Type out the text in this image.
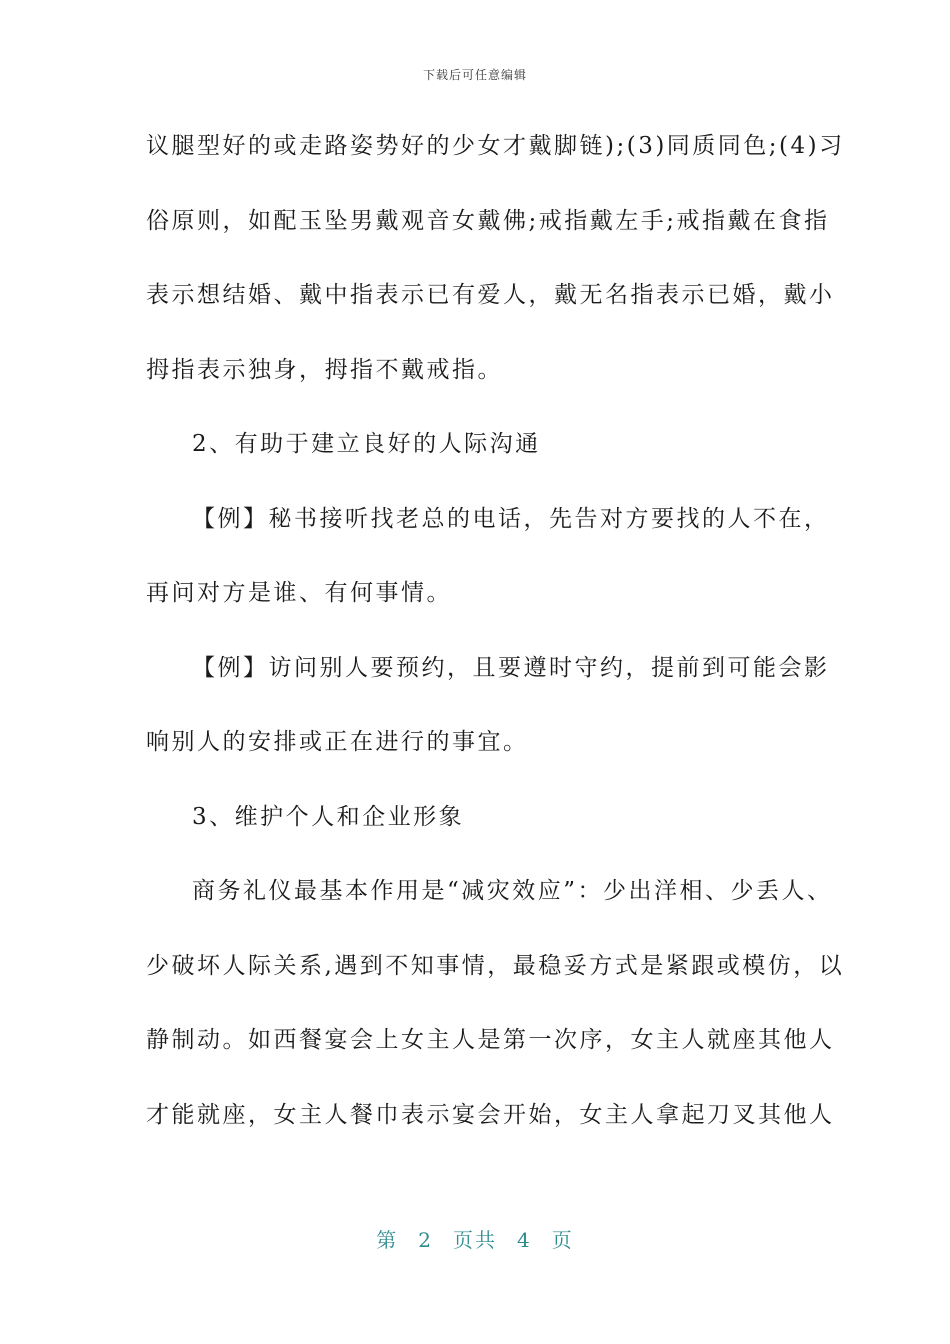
下载后可任意编辑
议腿型好的或走路姿势好的少女才戴脚链);(3)同质同色;(4)习
俗原则，如配玉坠男戴观音女戴佛;戒指戴左手;戒指戴在食指
表示想结婚、戴中指表示已有爱人，戴无名指表示已婚，戴小
拇指表示独身，拇指不戴戒指。
2、有助于建立良好的人际沟通
【例】秘书接听找老总的电话，先告对方要找的人不在，
再问对方是谁、有何事情。
【例】访问别人要预约，且要遵时守约，提前到可能会影
响别人的安排或正在进行的事宜。
3、维护个人和企业形象
商务礼仪最基本作用是“减灾效应”：少出洋相、少丢人、
少破坏人际关系,遇到不知事情，最稳妥方式是紧跟或模仿，以
静制动。如西餐宴会上女主人是第一次序，女主人就座其他人
才能就座，女主人餐巾表示宴会开始，女主人拿起刀叉其他人
第 2 页共 4 页
